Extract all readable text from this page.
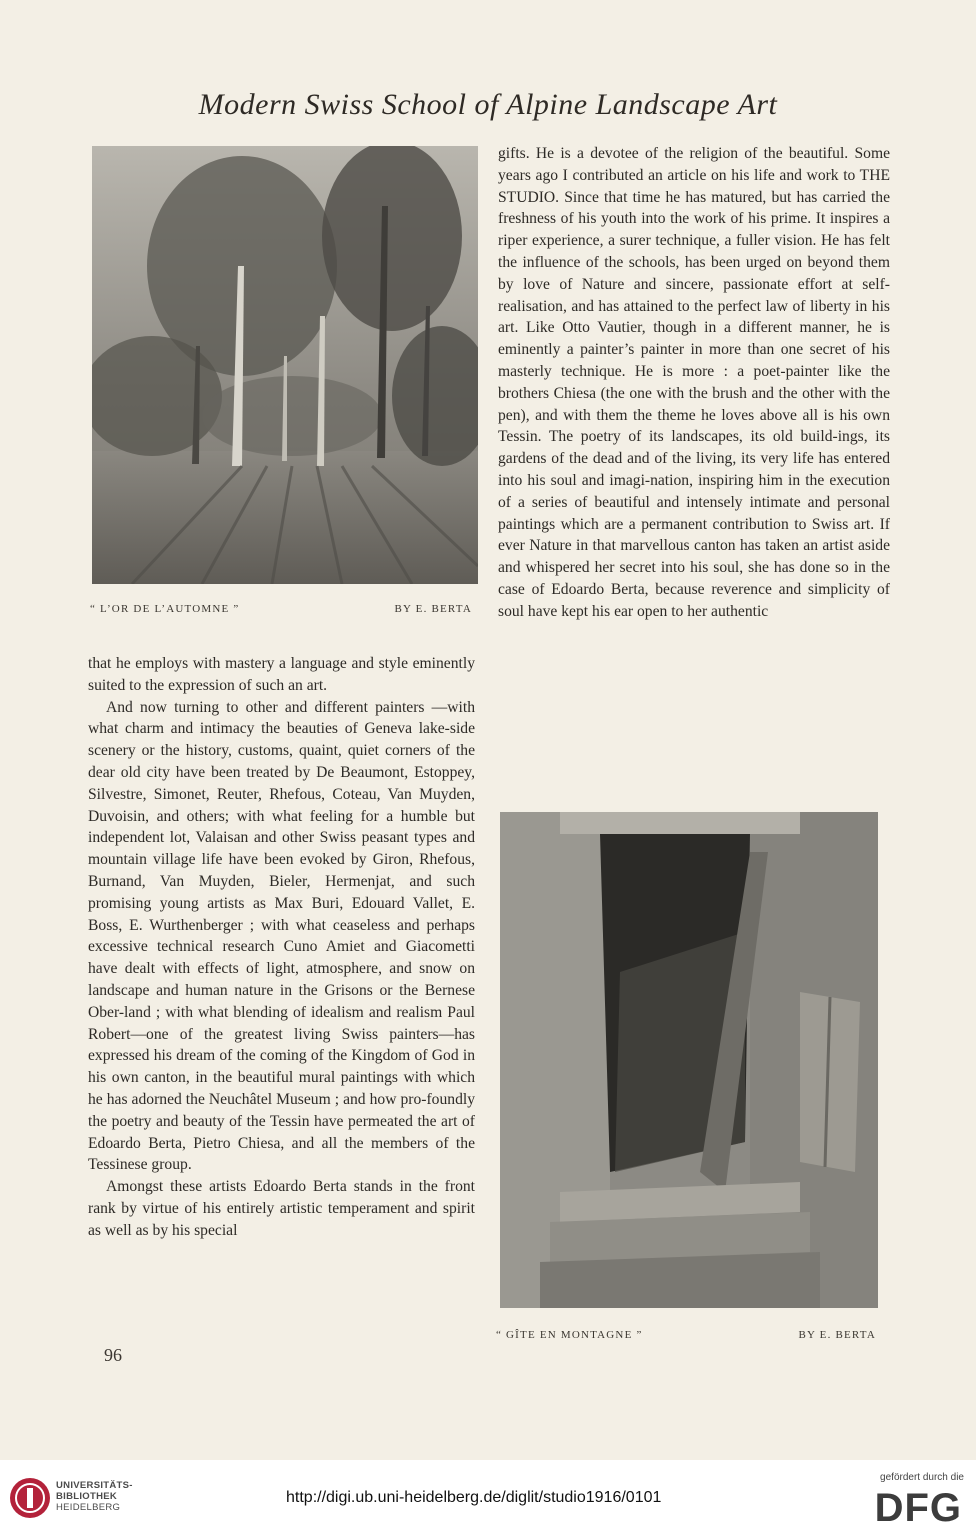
Modern Swiss School of Alpine Landscape Art
“ L’OR DE L’AUTOMNE ”	BY E. BERTA
“ GÎTE EN MONTAGNE ”	BY E. BERTA

that he employs with mastery a language and style eminently suited to the expression of such an art.

And now turning to other and different painters —with what charm and intimacy the beauties of Geneva lake-side scenery or the history, customs, quaint, quiet corners of the dear old city have been treated by De Beaumont, Estoppey, Silvestre, Simonet, Reuter, Rhefous, Coteau, Van Muyden, Duvoisin, and others; with what feeling for a humble but independent lot, Valaisan and other Swiss peasant types and mountain village life have been evoked by Giron, Rhefous, Burnand, Van Muyden, Bieler, Hermenjat, and such promising young artists as Max Buri, Edouard Vallet, E. Boss, E. Wurthenberger ; with what ceaseless and perhaps excessive technical research Cuno Amiet and Giacometti have dealt with effects of light, atmosphere, and snow on landscape and human nature in the Grisons or the Bernese Ober-land ; with what blending of idealism and realism Paul Robert—one of the greatest living Swiss painters—has expressed his dream of the coming of the Kingdom of God in his own canton, in the beautiful mural paintings with which he has adorned the Neuchâtel Museum ; and how pro-foundly the poetry and beauty of the Tessin have permeated the art of Edoardo Berta, Pietro Chiesa, and all the members of the Tessinese group.

Amongst these artists Edoardo Berta stands in the front rank by virtue of his entirely artistic temperament and spirit as well as by his special

gifts. He is a devotee of the religion of the beautiful. Some years ago I contributed an article on his life and work to THE STUDIO. Since that time he has matured, but has carried the freshness of his youth into the work of his prime. It inspires a riper experience, a surer technique, a fuller vision. He has felt the influence of the schools, has been urged on beyond them by love of Nature and sincere, passionate effort at self-realisation, and has attained to the perfect law of liberty in his art. Like Otto Vautier, though in a different manner, he is eminently a painter’s painter in more than one secret of his masterly technique. He is more : a poet-painter like the brothers Chiesa (the one with the brush and the other with the pen), and with them the theme he loves above all is his own Tessin. The poetry of its landscapes, its old build-ings, its gardens of the dead and of the living, its very life has entered into his soul and imagi-nation, inspiring him in the execution of a series of beautiful and intensely intimate and personal paintings which are a permanent contribution to Swiss art. If ever Nature in that marvellous canton has taken an artist aside and whispered her secret into his soul, she has done so in the case of Edoardo Berta, because reverence and simplicity of soul have kept his ear open to her authentic

96
UNIVERSITÄTS-
BIBLIOTHEK
HEIDELBERG
http://digi.ub.uni-heidelberg.de/diglit/studio1916/0101
gefördert durch die
DFG
